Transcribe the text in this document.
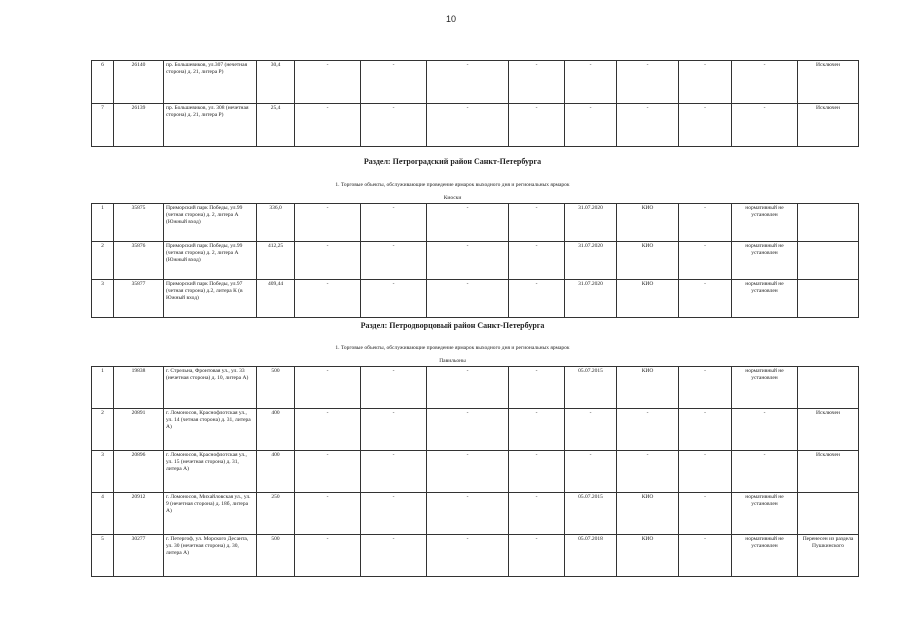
10
6	26140	пр. Большевиков, ул.307 (нечетная сторона) д. 21, литера Р)	30,4	-	-	-	-	-	-	-	-	Исключен
7	26139	пр. Большевиков, ул. 308 (нечетная сторона) д. 21, литера Р)	25,4	-	-	-	-	-	-	-	-	Исключен
Раздел: Петроградский район Санкт-Петербурга
1. Торговые объекты, обслуживающие проведение ярмарок выходного дня и региональных ярмарок
Киоски
1	35875	Приморский парк Победы, ул.99 (четная сторона) д. 2, литера А (Южный вход)	336,0	-	-	-	-	31.07.2020	КИО	-	нормативный не установлен	
2	35876	Приморский парк Победы, ул.99 (четная сторона) д. 2, литера А (Южный вход)	412,25	-	-	-	-	31.07.2020	КИО	-	нормативный не установлен	
3	35877	Приморский парк Победы, ул.97 (четная сторона) д.2, литера К (в Южный вход)	409,44	-	-	-	-	31.07.2020	КИО	-	нормативный не установлен	
Раздел: Петродворцовый район Санкт-Петербурга
1. Торговые объекты, обслуживающие проведение ярмарок выходного дня и региональных ярмарок
Павильоны
1	19838	г. Стрельна, Фронтовая ул., ул. 33 (нечетная сторона) д. 10, литера А)	500	-	-	-	-	05.07.2015	КИО	-	нормативный не установлен	
2	20891	г. Ломоносов, Краснофлотская ул., ул. 14 (четная сторона) д. 31, литера А)	400	-	-	-	-	-	-	-	-	Исключен
3	20896	г. Ломоносов, Краснофлотская ул., ул. 15 (нечетная сторона) д. 31, литера А)	400	-	-	-	-	-	-	-	-	Исключен
4	20912	г. Ломоносов, Михайловская ул., ул. 9 (нечетная сторона) д. 18б, литера А)	250	-	-	-	-	05.07.2015	КИО	-	нормативный не установлен	
5	30277	г. Петергоф, ул. Морского Десанта, ул. 30 (нечетная сторона) д. 30, литера А)	500	-	-	-	-	05.07.2018	КИО	-	нормативный не установлен	Перенесен из раздела Пушкинского
